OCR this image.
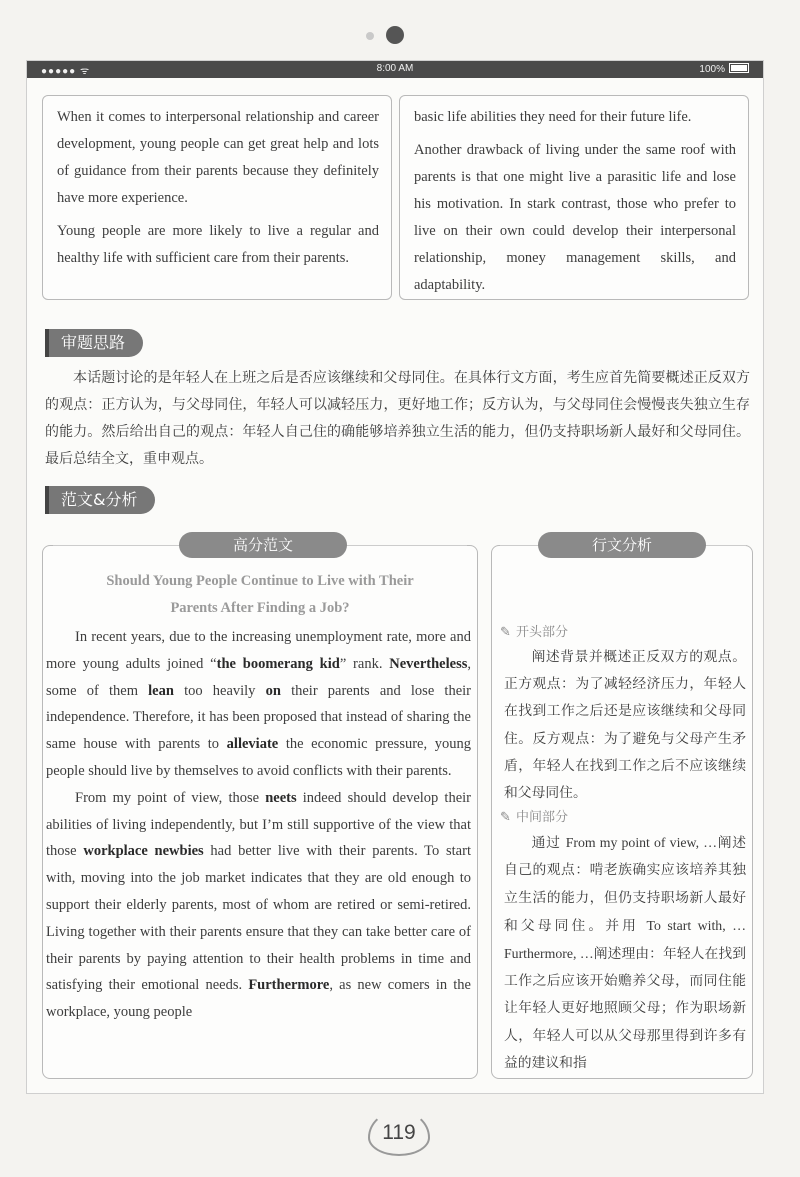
●●●●● ᯤ	8:00 AM	100%

When it comes to interpersonal relationship and career development, young people can get great help and lots of guidance from their parents because they definitely have more experience.

Young people are more likely to live a regular and healthy life with sufficient care from their parents.

basic life abilities they need for their future life.

Another drawback of living under the same roof with parents is that one might live a parasitic life and lose his motivation. In stark contrast, those who prefer to live on their own could develop their interpersonal relationship, money management skills, and adaptability.

审题思路
本话题讨论的是年轻人在上班之后是否应该继续和父母同住。在具体行文方面，考生应首先简要概述正反双方的观点：正方认为，与父母同住，年轻人可以减轻压力，更好地工作；反方认为，与父母同住会慢慢丧失独立生存的能力。然后给出自己的观点：年轻人自己住的确能够培养独立生活的能力，但仍支持职场新人最好和父母同住。最后总结全文，重申观点。
范文&分析
高分范文
Should Young People Continue to Live with Their
Parents After Finding a Job?

In recent years, due to the increasing unemployment rate, more and more young adults joined “the boomerang kid” rank. Nevertheless, some of them lean too heavily on their parents and lose their independence. Therefore, it has been proposed that instead of sharing the same house with parents to alleviate the economic pressure, young people should live by themselves to avoid conflicts with their parents.

From my point of view, those neets indeed should develop their abilities of living independently, but I’m still supportive of the view that those workplace newbies had better live with their parents. To start with, moving into the job market indicates that they are old enough to support their elderly parents, most of whom are retired or semi-retired. Living together with their parents ensure that they can take better care of their parents by paying attention to their health problems in time and satisfying their emotional needs. Furthermore, as new comers in the workplace, young people

行文分析
✎ 开头部分
阐述背景并概述正反双方的观点。正方观点：为了减轻经济压力，年轻人在找到工作之后还是应该继续和父母同住。反方观点：为了避免与父母产生矛盾，年轻人在找到工作之后不应该继续和父母同住。
✎ 中间部分
通过 From my point of view, …阐述自己的观点：啃老族确实应该培养其独立生活的能力，但仍支持职场新人最好和父母同住。并用 To start with, … Furthermore, …阐述理由：年轻人在找到工作之后应该开始赡养父母，而同住能让年轻人更好地照顾父母；作为职场新人，年轻人可以从父母那里得到许多有益的建议和指
119
